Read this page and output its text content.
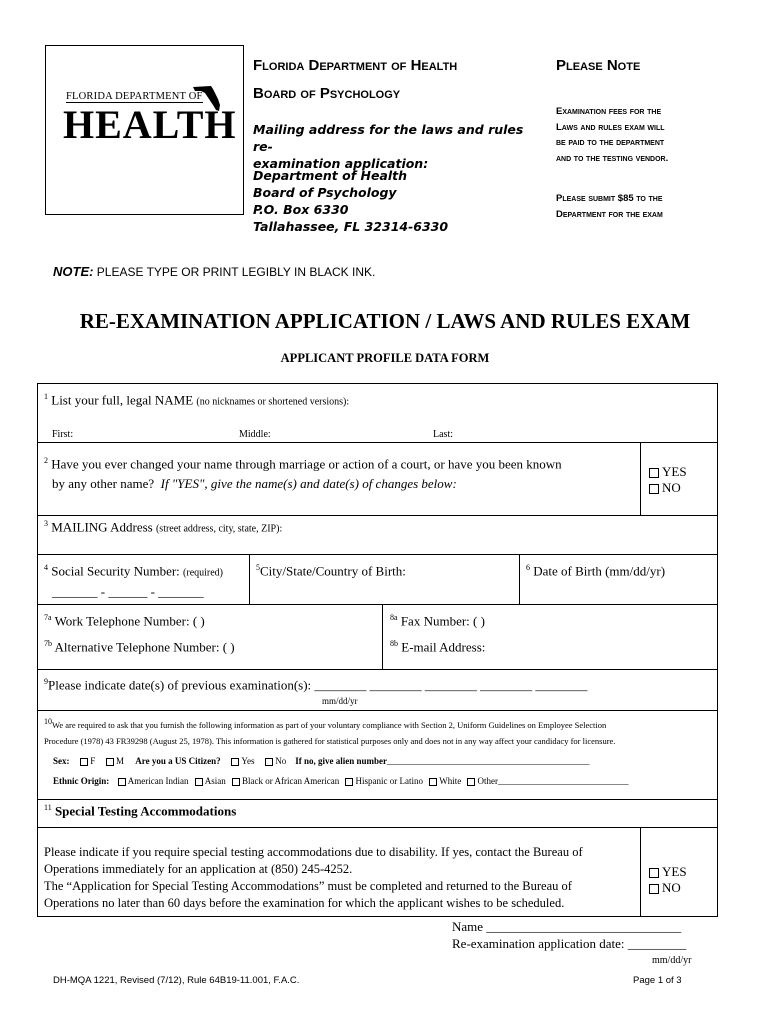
FLORIDA DEPARTMENT OF
HEALTH
Florida Department of Health
Board of Psychology
Mailing address for the laws and rules re-
examination application:
Department of Health
Board of Psychology
P.O. Box 6330
Tallahassee, FL 32314-6330
Please Note
Examination fees for the
Laws and rules exam will
be paid to the department
and to the testing vendor.
Please submit $85 to the
Department for the exam
NOTE: PLEASE TYPE OR PRINT LEGIBLY IN BLACK INK.
RE-EXAMINATION APPLICATION / LAWS AND RULES EXAM
APPLICANT PROFILE DATA FORM
$^1$ List your full, legal NAME (no nicknames or shortened versions):
First:	Middle:	Last:
$^2$ Have you ever changed your name through marriage or action of a court, or have you been known
by any other name? If "YES", give the name(s) and date(s) of changes below:
YES
NO
$^3$ MAILING Address (street address, city, state, ZIP):
$^4$ Social Security Number: (required)
_______ - ______ - _______
$^5$City/State/Country of Birth:	$^6$ Date of Birth (mm/dd/yr)
$^{7a}$ Work Telephone Number: ( )
$^{7b}$ Alternative Telephone Number: ( )
$^{8a}$ Fax Number: ( )
$^{8b}$ E-mail Address:
$^9$Please indicate date(s) of previous examination(s): ________ ________ ________ ________ ________
mm/dd/yr
10We are required to ask that you furnish the following information as part of your voluntary compliance with Section 2, Uniform Guidelines on Employee Selection
Procedure (1978) 43 FR39298 (August 25, 1978). This information is gathered for statistical purposes only and does not in any way affect your candidacy for licensure.
Sex: F M Are you a US Citizen? Yes No If no, give alien number_____________________________________________
Ethnic Origin: American Indian Asian Black or African American Hispanic or Latino White Other_____________________________
$^{11}$ Special Testing Accommodations
Please indicate if you require special testing accommodations due to disability. If yes, contact the Bureau of
Operations immediately for an application at (850) 245-4252.
The “Application for Special Testing Accommodations” must be completed and returned to the Bureau of
Operations no later than 60 days before the examination for which the applicant wishes to be scheduled.
YES
NO
Name ______________________________
Re-examination application date: _________
mm/dd/yr
DH-MQA 1221, Revised (7/12), Rule 64B19-11.001, F.A.C.	Page 1 of 3
